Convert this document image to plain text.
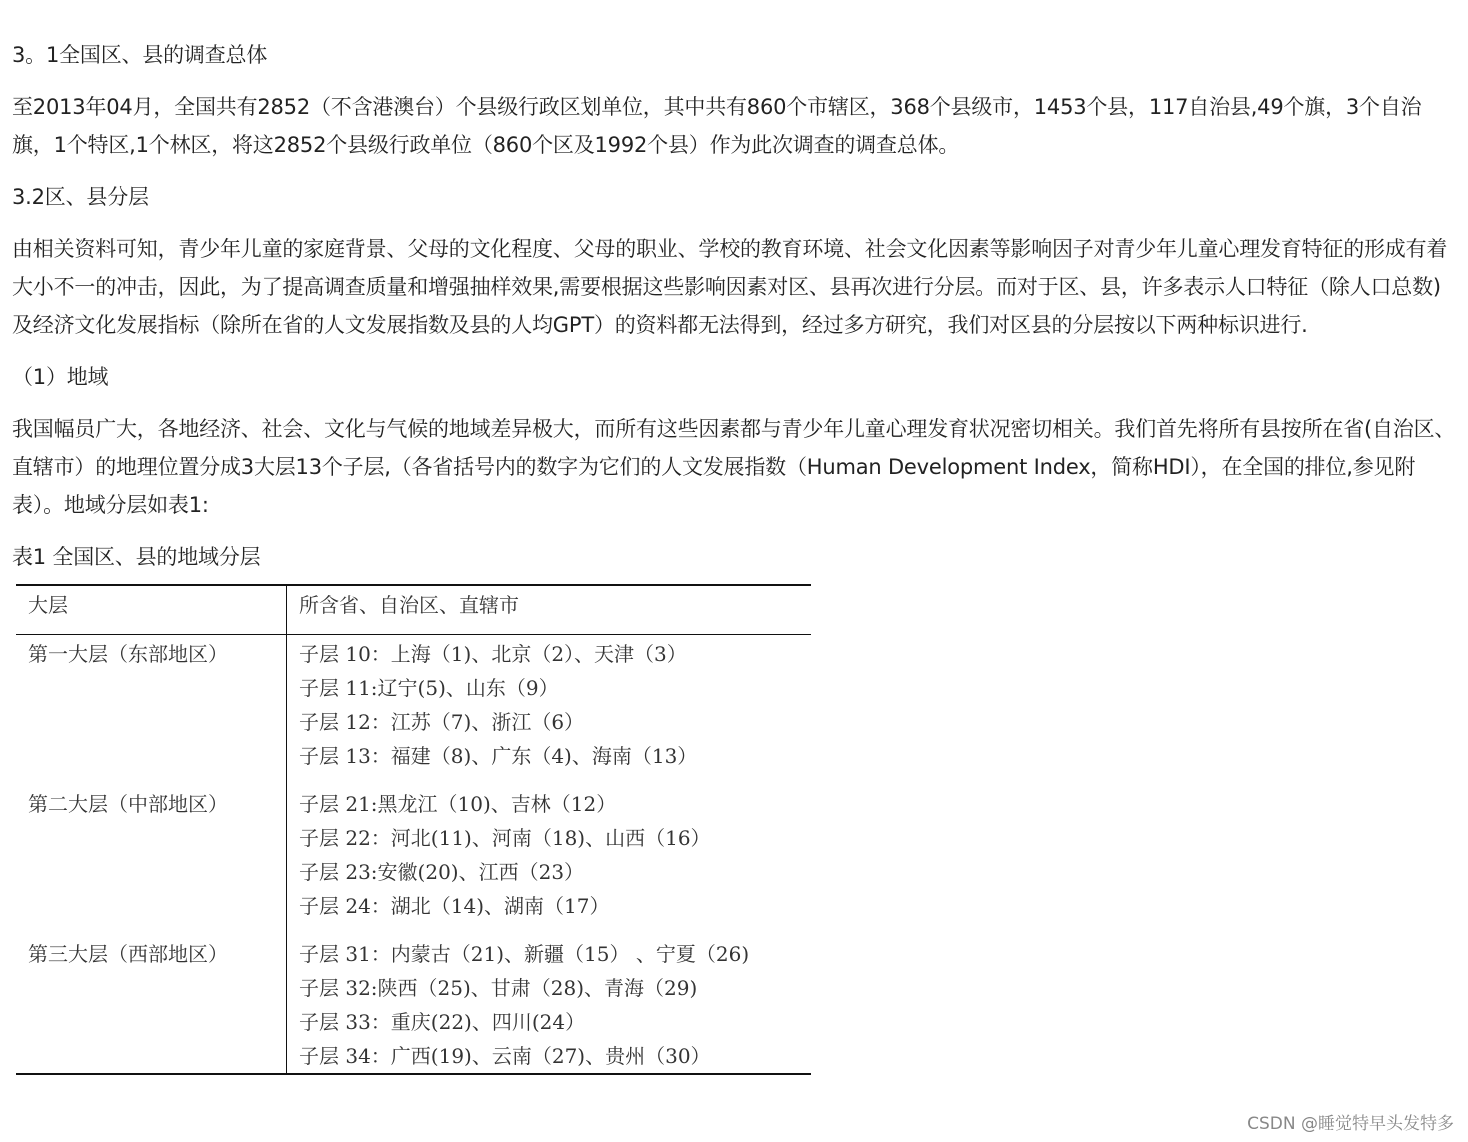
3。1全国区、县的调查总体

至2013年04月，全国共有2852（不含港澳台）个县级行政区划单位，其中共有860个市辖区，368个县级市，1453个县，117自治县,49个旗，3个自治旗，1个特区,1个林区，将这2852个县级行政单位（860个区及1992个县）作为此次调查的调查总体。

3.2区、县分层

由相关资料可知，青少年儿童的家庭背景、父母的文化程度、父母的职业、学校的教育环境、社会文化因素等影响因子对青少年儿童心理发育特征的形成有着大小不一的冲击，因此，为了提高调查质量和增强抽样效果,需要根据这些影响因素对区、县再次进行分层。而对于区、县，许多表示人口特征（除人口总数)及经济文化发展指标（除所在省的人文发展指数及县的人均GPT）的资料都无法得到，经过多方研究，我们对区县的分层按以下两种标识进行.

（1）地域

我国幅员广大，各地经济、社会、文化与气候的地域差异极大，而所有这些因素都与青少年儿童心理发育状况密切相关。我们首先将所有县按所在省(自治区、直辖市）的地理位置分成3大层13个子层,（各省括号内的数字为它们的人文发展指数（Human Development Index，简称HDI），在全国的排位,参见附表）。地域分层如表1:

表1 全国区、县的地域分层

大层	所含省、自治区、直辖市

第一大层（东部地区）	子层 10：上海（1)、北京（2）、天津（3）
子层 11:辽宁(5)、山东（9）
子层 12：江苏（7)、浙江（6）
子层 13：福建（8)、广东（4)、海南（13）

第二大层（中部地区）	子层 21:黑龙江（10)、吉林（12）
子层 22：河北(11)、河南（18)、山西（16）
子层 23:安徽(20)、江西（23）
子层 24：湖北（14)、湖南（17）

第三大层（西部地区）	子层 31：内蒙古（21)、新疆（15） 、宁夏（26)
子层 32:陕西（25)、甘肃（28)、青海（29)
子层 33：重庆(22)、四川(24）
子层 34：广西(19)、云南（27)、贵州（30）
CSDN @睡觉特早头发特多
